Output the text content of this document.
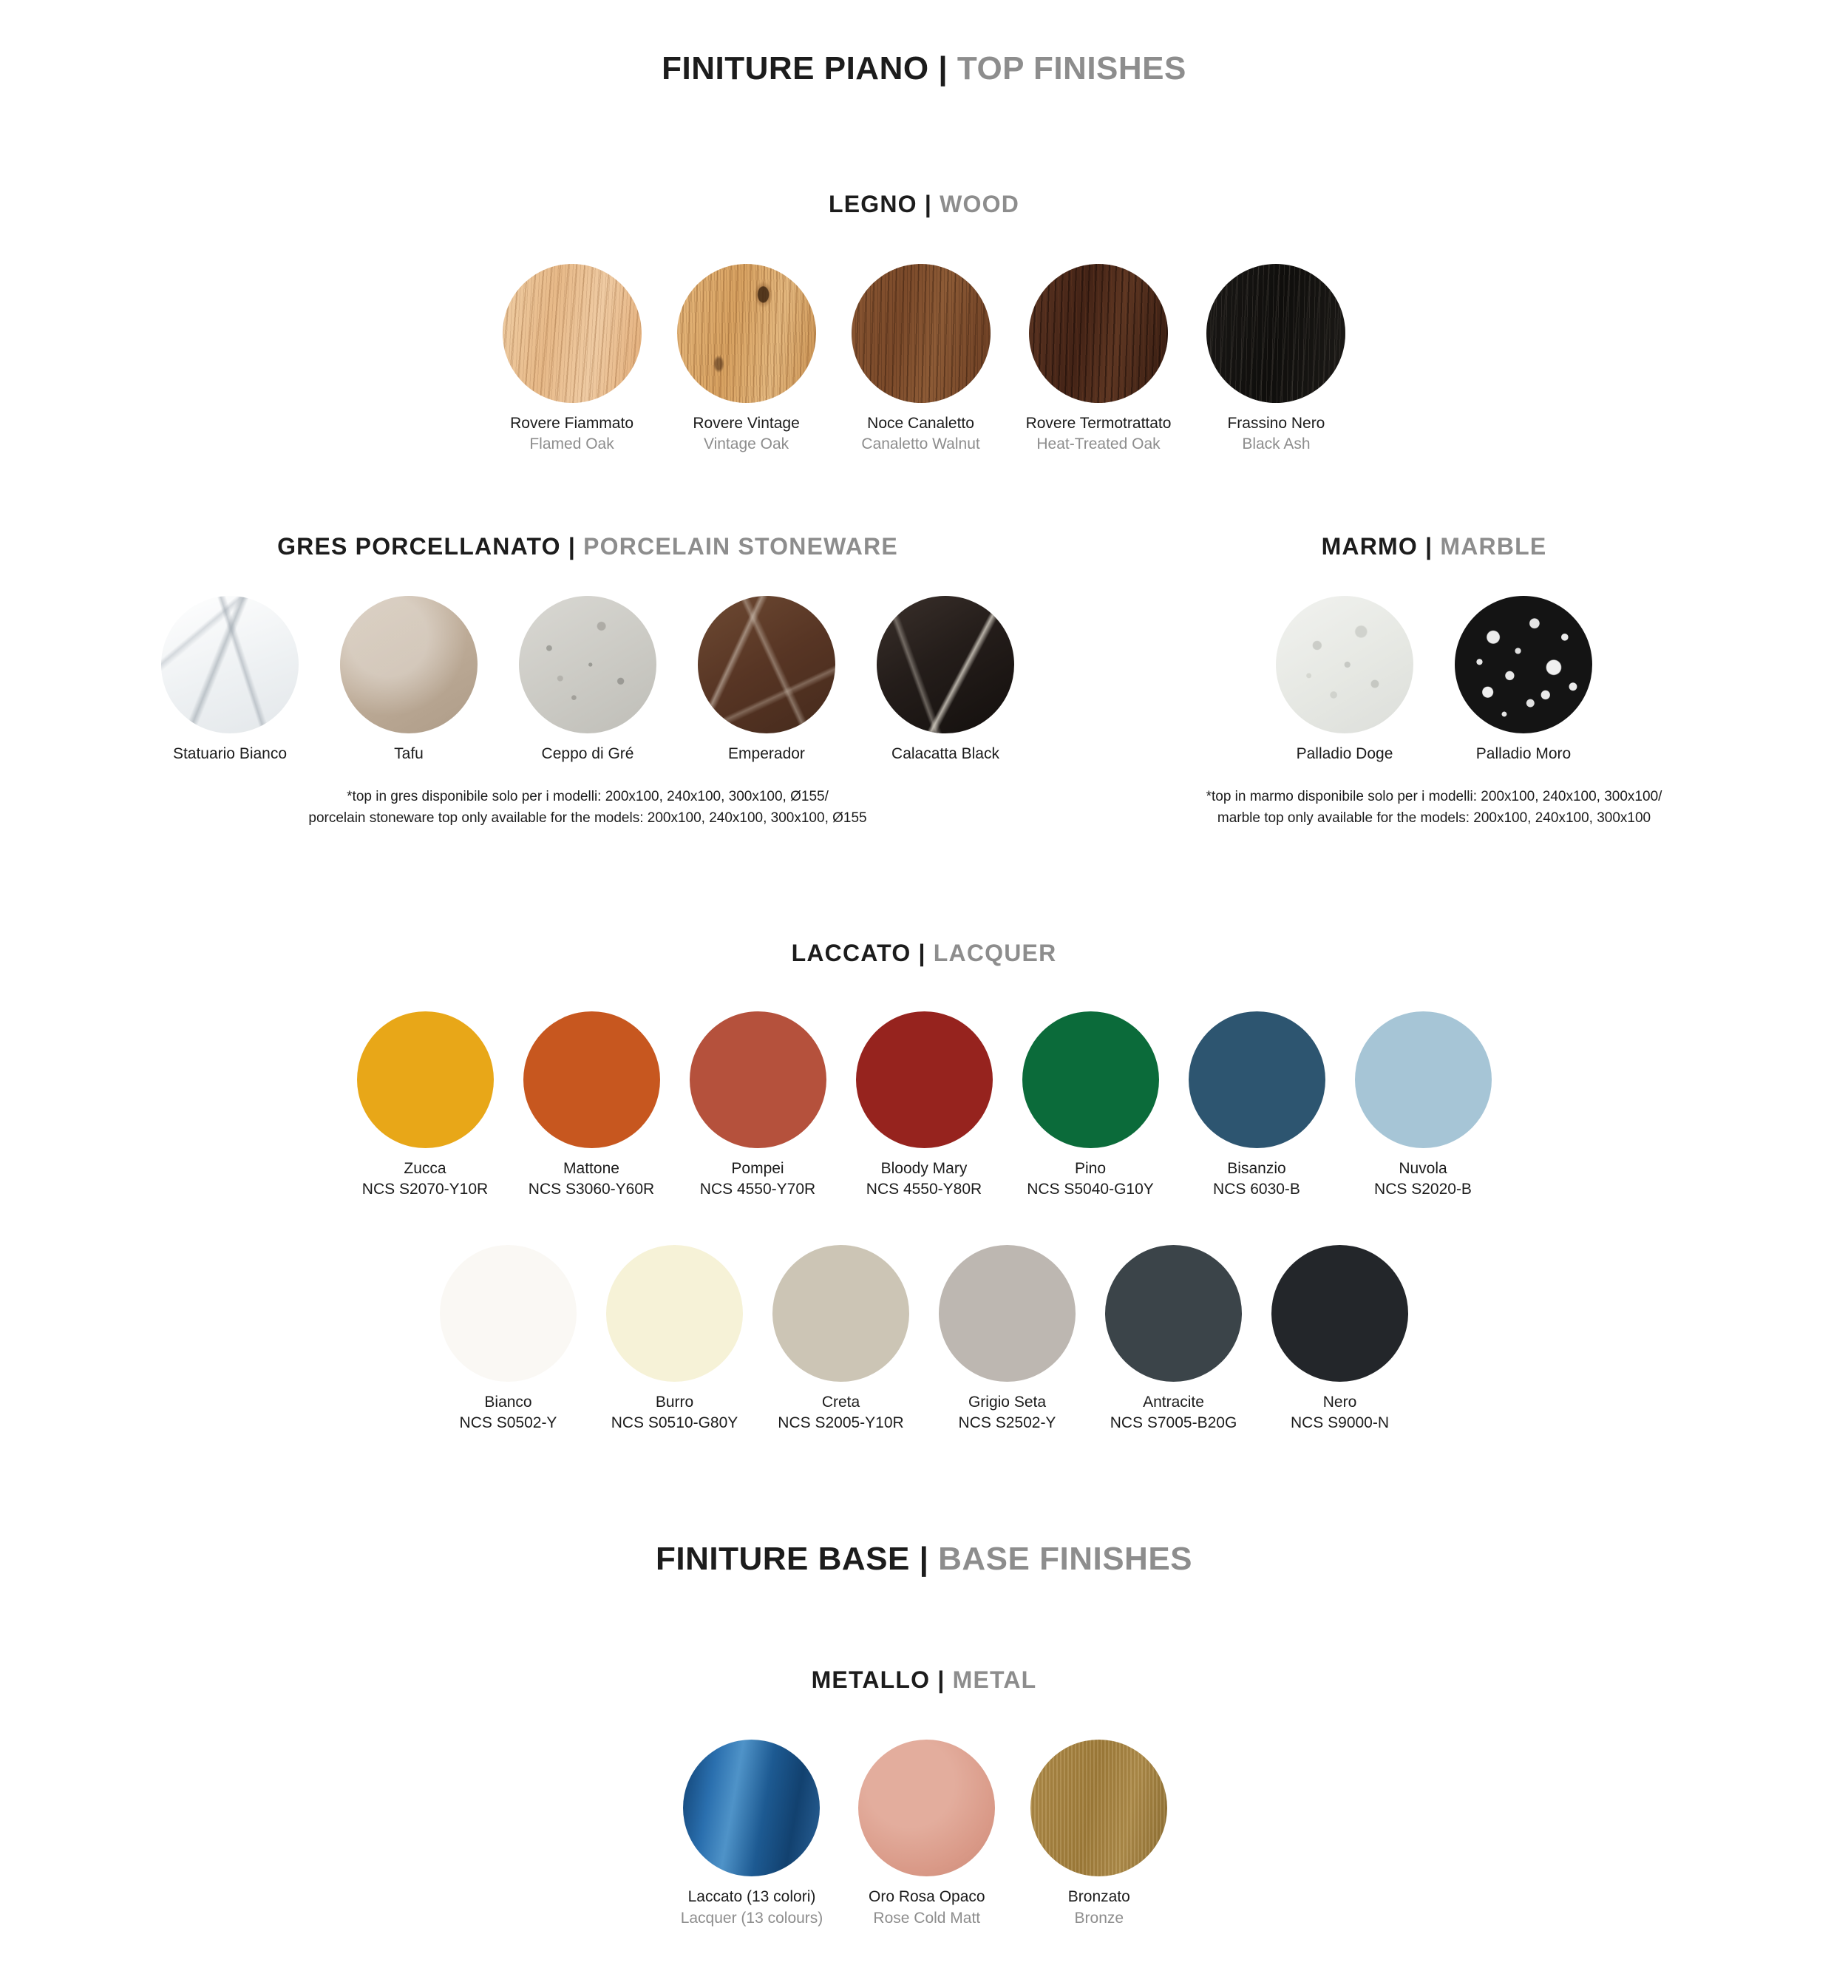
FINITURE PIANO | TOP FINISHES
LEGNO | WOOD
Rovere Fiammato
Flamed Oak
Rovere Vintage
Vintage Oak
Noce Canaletto
Canaletto Walnut
Rovere Termotrattato
Heat-Treated Oak
Frassino Nero
Black Ash
GRES PORCELLANATO | PORCELAIN STONEWARE
Statuario Bianco	Tafu	Ceppo di Gré	Emperador	Calacatta Black
*top in gres disponibile solo per i modelli: 200x100, 240x100, 300x100, Ø155/
porcelain stoneware top only available for the models: 200x100, 240x100, 300x100, Ø155
MARMO | MARBLE
Palladio Doge	Palladio Moro
*top in marmo disponibile solo per i modelli: 200x100, 240x100, 300x100/
marble top only available for the models: 200x100, 240x100, 300x100
LACCATO | LACQUER
Zucca
NCS S2070-Y10R
Mattone
NCS S3060-Y60R
Pompei
NCS 4550-Y70R
Bloody Mary
NCS 4550-Y80R
Pino
NCS S5040-G10Y
Bisanzio
NCS 6030-B
Nuvola
NCS S2020-B
Bianco
NCS S0502-Y
Burro
NCS S0510-G80Y
Creta
NCS S2005-Y10R
Grigio Seta
NCS S2502-Y
Antracite
NCS S7005-B20G
Nero
NCS S9000-N
FINITURE BASE | BASE FINISHES
METALLO | METAL
Laccato (13 colori)
Lacquer (13 colours)
Oro Rosa Opaco
Rose Cold Matt
Bronzato
Bronze
